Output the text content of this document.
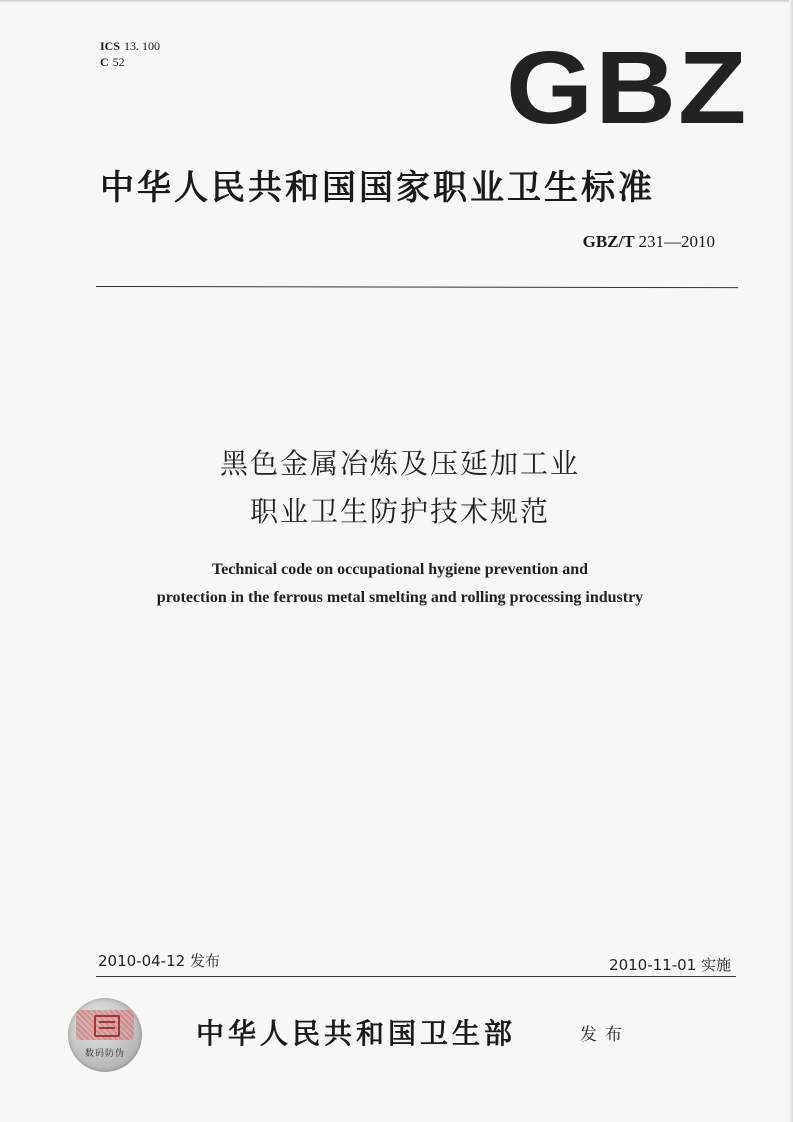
ICS 13. 100
C 52	GBZ
中华人民共和国国家职业卫生标准
GBZ/T 231—2010
黑色金属冶炼及压延加工业
职业卫生防护技术规范
Technical code on occupational hygiene prevention and
protection in the ferrous metal smelting and rolling processing industry
2010-04-12 发布	2010-11-01 实施
数码防伪
中华人民共和国卫生部	发布
